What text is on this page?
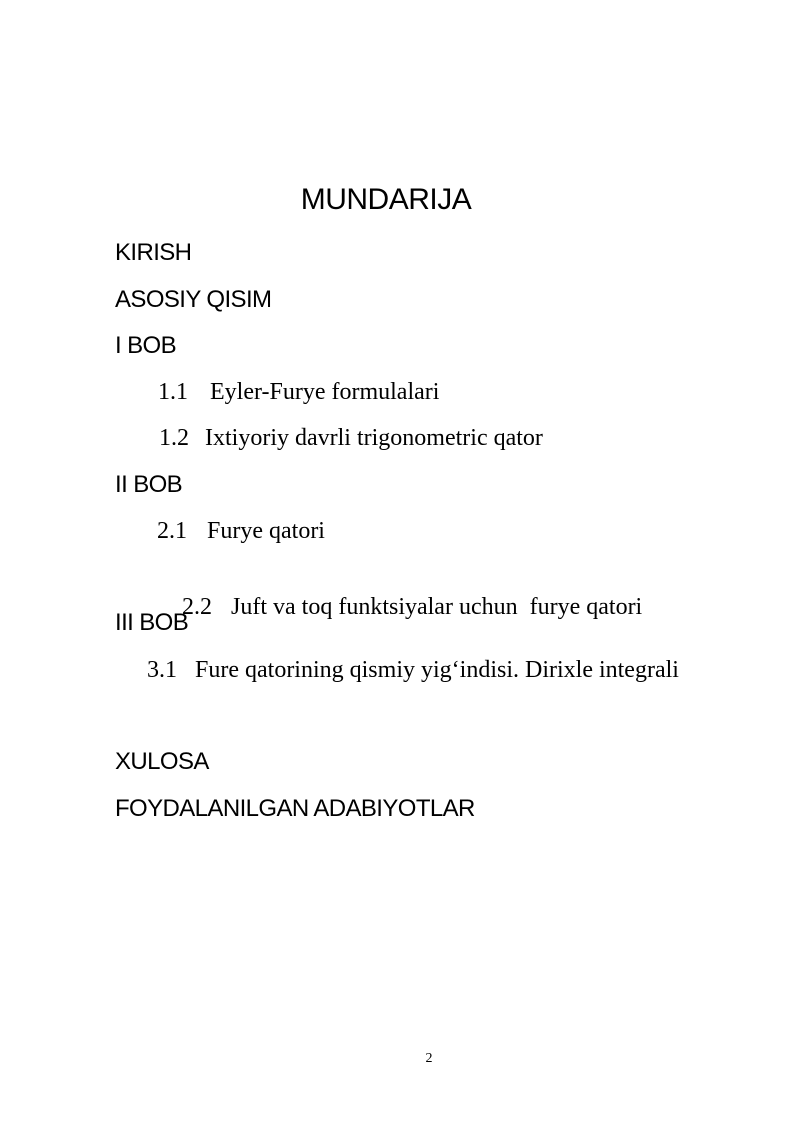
MUNDARIJA
KIRISH
ASOSIY QISIM
I BOB
1.1 Eyler-Furye formulalari
1.2 Ixtiyoriy davrli trigonometric qator
II BOB
2.1 Furye qatori

2.2 Juft va toq funktsiyalar uchun  furye qatori

III BOB
3.1 Fure qatorining qismiy yig‘indisi. Dirixle integrali
XULOSA
FOYDALANILGAN ADABIYOTLAR
2
